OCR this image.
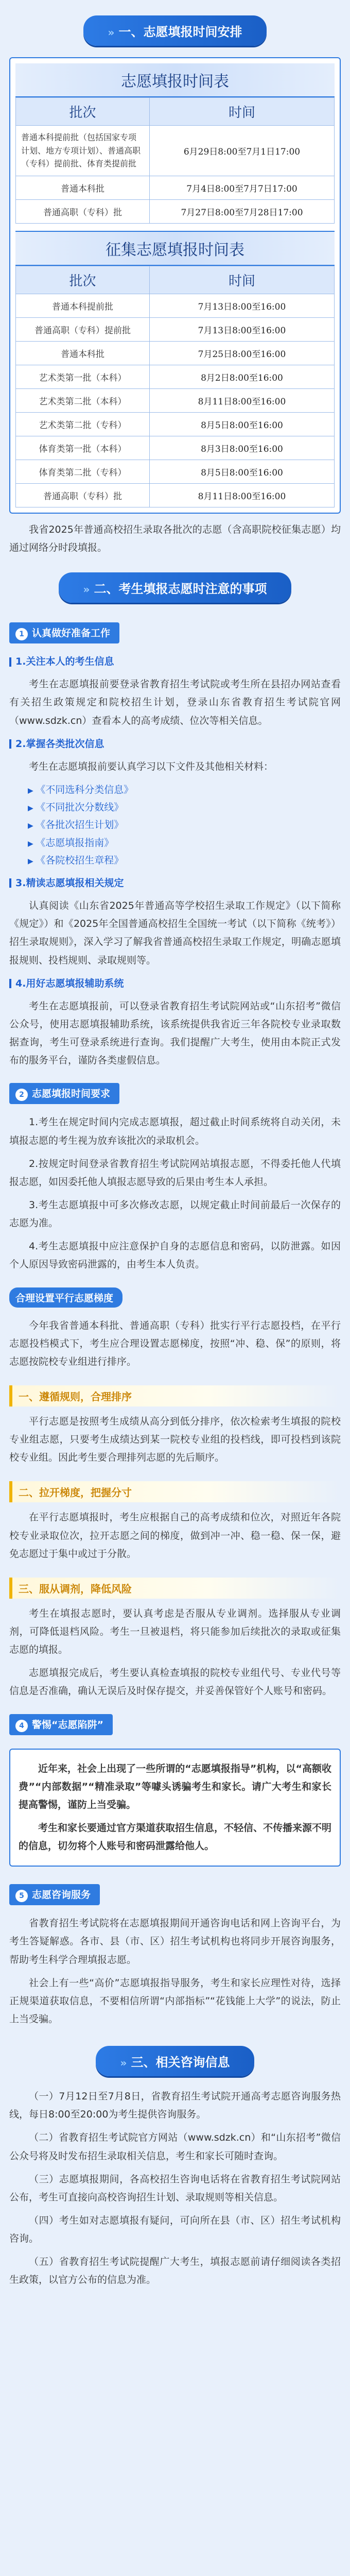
» 一、志愿填报时间安排
志愿填报时间表
批次	时间
普通本科提前批（包括国家专项计划、地方专项计划）、普通高职（专科）提前批、体育类提前批	6月29日8:00至7月1日17:00
普通本科批	7月4日8:00至7月7日17:00
普通高职（专科）批	7月27日8:00至7月28日17:00
征集志愿填报时间表
批次	时间
普通本科提前批	7月13日8:00至16:00
普通高职（专科）提前批	7月13日8:00至16:00
普通本科批	7月25日8:00至16:00
艺术类第一批（本科）	8月2日8:00至16:00
艺术类第二批（本科）	8月11日8:00至16:00
艺术类第二批（专科）	8月5日8:00至16:00
体育类第一批（本科）	8月3日8:00至16:00
体育类第二批（专科）	8月5日8:00至16:00
普通高职（专科）批	8月11日8:00至16:00

我省2025年普通高校招生录取各批次的志愿（含高职院校征集志愿）均通过网络分时段填报。

» 二、考生填报志愿时注意的事项
1 认真做好准备工作
1.关注本人的考生信息

考生在志愿填报前要登录省教育招生考试院或考生所在县招办网站查看有关招生政策规定和院校招生计划，登录山东省教育招生考试院官网（www.sdzk.cn）查看本人的高考成绩、位次等相关信息。

2.掌握各类批次信息

考生在志愿填报前要认真学习以下文件及其他相关材料：

▶ 《不同选科分类信息》
▶ 《不同批次分数线》
▶ 《各批次招生计划》
▶ 《志愿填报指南》
▶ 《各院校招生章程》
3.精读志愿填报相关规定

认真阅读《山东省2025年普通高等学校招生录取工作规定》（以下简称《规定》）和《2025年全国普通高校招生全国统一考试（以下简称《统考》）招生录取规则》，深入学习了解我省普通高校招生录取工作规定，明确志愿填报规则、投档规则、录取规则等。

4.用好志愿填报辅助系统

考生在志愿填报前，可以登录省教育招生考试院网站或“山东招考”微信公众号，使用志愿填报辅助系统，该系统提供我省近三年各院校专业录取数据查询，考生可登录系统进行查询。我们提醒广大考生，使用由本院正式发布的服务平台，谨防各类虚假信息。

2 志愿填报时间要求

1.考生在规定时间内完成志愿填报，超过截止时间系统将自动关闭，未填报志愿的考生视为放弃该批次的录取机会。

2.按规定时间登录省教育招生考试院网站填报志愿，不得委托他人代填报志愿，如因委托他人填报志愿导致的后果由考生本人承担。

3.考生志愿填报中可多次修改志愿，以规定截止时间前最后一次保存的志愿为准。

4.考生志愿填报中应注意保护自身的志愿信息和密码，以防泄露。如因个人原因导致密码泄露的，由考生本人负责。

合理设置平行志愿梯度

今年我省普通本科批、普通高职（专科）批实行平行志愿投档，在平行志愿投档模式下，考生应合理设置志愿梯度，按照“冲、稳、保”的原则，将志愿按院校专业组进行排序。

一、遵循规则，合理排序

平行志愿是按照考生成绩从高分到低分排序，依次检索考生填报的院校专业组志愿，只要考生成绩达到某一院校专业组的投档线，即可投档到该院校专业组。因此考生要合理排列志愿的先后顺序。

二、拉开梯度，把握分寸

在平行志愿填报时，考生应根据自己的高考成绩和位次，对照近年各院校专业录取位次，拉开志愿之间的梯度，做到冲一冲、稳一稳、保一保，避免志愿过于集中或过于分散。

三、服从调剂，降低风险

考生在填报志愿时，要认真考虑是否服从专业调剂。选择服从专业调剂，可降低退档风险。考生一旦被退档，将只能参加后续批次的录取或征集志愿的填报。

志愿填报完成后，考生要认真检查填报的院校专业组代号、专业代号等信息是否准确，确认无误后及时保存提交，并妥善保管好个人账号和密码。

4 警惕“志愿陷阱”

近年来，社会上出现了一些所谓的“志愿填报指导”机构，以“高额收费”“内部数据”“精准录取”等噱头诱骗考生和家长。请广大考生和家长提高警惕，谨防上当受骗。

考生和家长要通过官方渠道获取招生信息，不轻信、不传播来源不明的信息，切勿将个人账号和密码泄露给他人。

5 志愿咨询服务

省教育招生考试院将在志愿填报期间开通咨询电话和网上咨询平台，为考生答疑解惑。各市、县（市、区）招生考试机构也将同步开展咨询服务，帮助考生科学合理填报志愿。

社会上有一些“高价”志愿填报指导服务，考生和家长应理性对待，选择正规渠道获取信息，不要相信所谓“内部指标”“花钱能上大学”的说法，防止上当受骗。

» 三、相关咨询信息

（一）7月12日至7月8日，省教育招生考试院开通高考志愿咨询服务热线，每日8:00至20:00为考生提供咨询服务。

（二）省教育招生考试院官方网站（www.sdzk.cn）和“山东招考”微信公众号将及时发布招生录取相关信息，考生和家长可随时查询。

（三）志愿填报期间，各高校招生咨询电话将在省教育招生考试院网站公布，考生可直接向高校咨询招生计划、录取规则等相关信息。

（四）考生如对志愿填报有疑问，可向所在县（市、区）招生考试机构咨询。

（五）省教育招生考试院提醒广大考生，填报志愿前请仔细阅读各类招生政策，以官方公布的信息为准。
